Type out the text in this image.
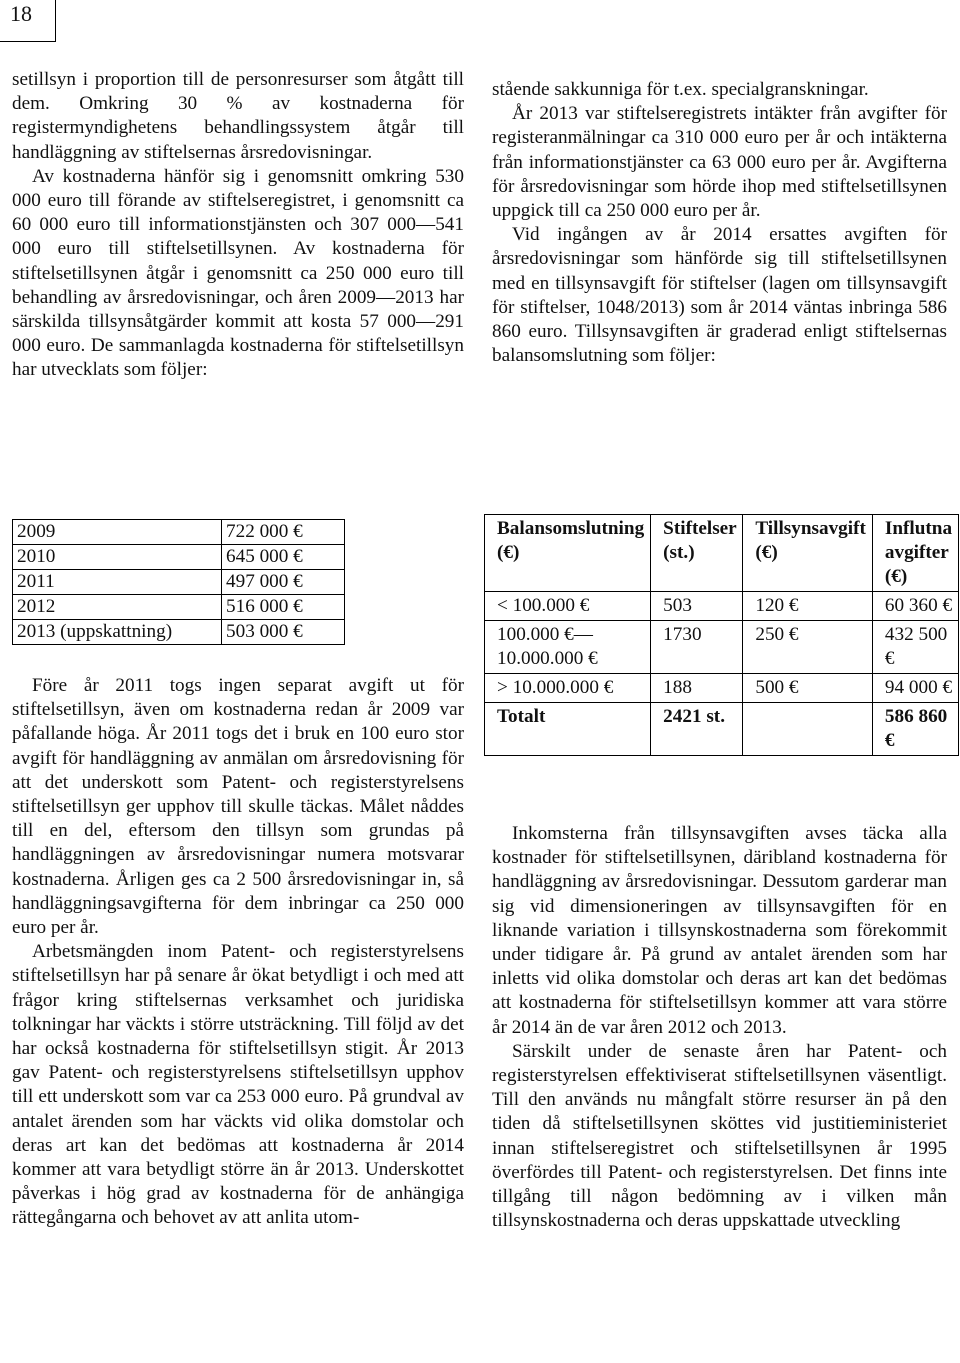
18

setillsyn i proportion till de personresurser som åtgått till dem. Omkring 30 % av kostnaderna för registermyndighetens behandlingssystem åtgår till handläggning av stiftelsernas årsredovisningar.

Av kostnaderna hänför sig i genomsnitt omkring 530 000 euro till förande av stiftelseregistret, i genomsnitt ca 60 000 euro till informationstjänsten och 307 000—541 000 euro till stiftelsetillsynen. Av kostnaderna för stiftelsetillsynen åtgår i genomsnitt ca 250 000 euro till behandling av årsredovisningar, och åren 2009—2013 har särskilda tillsynsåtgärder kommit att kosta 57 000—291 000 euro. De sammanlagda kostnaderna för stiftelsetillsyn har utvecklats som följer:

2009	722 000 €
2010	645 000 €
2011	497 000 €
2012	516 000 €
2013 (uppskattning)	503 000 €

Före år 2011 togs ingen separat avgift ut för stiftelsetillsyn, även om kostnaderna redan år 2009 var påfallande höga. År 2011 togs det i bruk en 100 euro stor avgift för handläggning av anmälan om årsredovisning för att det underskott som Patent- och registerstyrelsens stiftelsetillsyn ger upphov till skulle täckas. Målet nåddes till en del, eftersom den tillsyn som grundas på handläggningen av årsredovisningar numera motsvarar kostnaderna. Årligen ges ca 2 500 årsredovisningar in, så handläggningsavgifterna för dem inbringar ca 250 000 euro per år.

Arbetsmängden inom Patent- och registerstyrelsens stiftelsetillsyn har på senare år ökat betydligt i och med att frågor kring stiftelsernas verksamhet och juridiska tolkningar har väckts i större utsträckning. Till följd av det har också kostnaderna för stiftelsetillsyn stigit. År 2013 gav Patent- och registerstyrelsens stiftelsetillsyn upphov till ett underskott som var ca 253 000 euro. På grundval av antalet ärenden som har väckts vid olika domstolar och deras art kan det bedömas att kostnaderna år 2014 kommer att vara betydligt större än år 2013. Underskottet påverkas i hög grad av kostnaderna för de anhängiga rättegångarna och behovet av att anlita utom-

stående sakkunniga för t.ex. specialgranskningar.

År 2013 var stiftelseregistrets intäkter från avgifter för registeranmälningar ca 310 000 euro per år och intäkterna från informationstjänster ca 63 000 euro per år. Avgifterna för årsredovisningar som hörde ihop med stiftelsetillsynen uppgick till ca 250 000 euro per år.

Vid ingången av år 2014 ersattes avgiften för årsredovisningar som hänförde sig till stiftelsetillsynen med en tillsynsavgift för stiftelser (lagen om tillsynsavgift för stiftelser, 1048/2013) som år 2014 väntas inbringa 586 860 euro. Tillsynsavgiften är graderad enligt stiftelsernas balansomslutning som följer:

Balansomslutning (€)	Stiftelser (st.)	Tillsynsavgift (€)	Influtna avgifter (€)
< 100.000 €	503	120 €	60 360 €
100.000 €— 10.000.000 €	1730	250 €	432 500 €
> 10.000.000 €	188	500 €	94 000 €
Totalt	2421 st.		586 860 €

Inkomsterna från tillsynsavgiften avses täcka alla kostnader för stiftelsetillsynen, däribland kostnaderna för handläggning av årsredovisningar. Dessutom garderar man sig vid dimensioneringen av tillsynsavgiften för en liknande variation i tillsynskostnaderna som förekommit under tidigare år. På grund av antalet ärenden som har inletts vid olika domstolar och deras art kan det bedömas att kostnaderna för stiftelsetillsyn kommer att vara större år 2014 än de var åren 2012 och 2013.

Särskilt under de senaste åren har Patent- och registerstyrelsen effektiviserat stiftelsetillsynen väsentligt. Till den används nu mångfalt större resurser än på den tiden då stiftelsetillsynen sköttes vid justitieministeriet innan stiftelseregistret och stiftelsetillsynen år 1995 överfördes till Patent- och registerstyrelsen. Det finns inte tillgång till någon bedömning av i vilken mån tillsynskostnaderna och deras uppskattade utveckling
